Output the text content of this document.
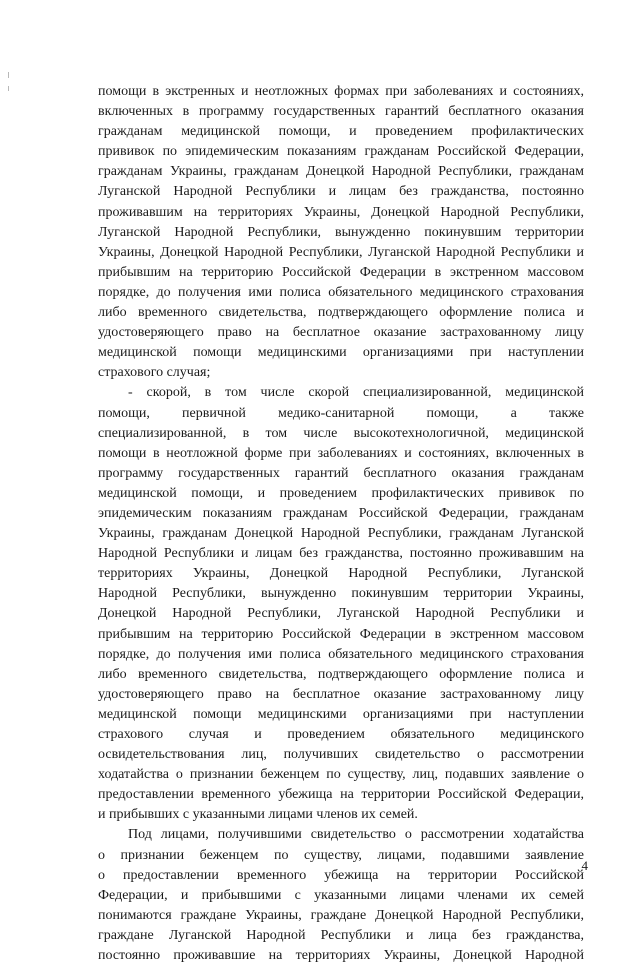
помощи в экстренных и неотложных формах при заболеваниях и состояниях,
включенных в программу государственных гарантий бесплатного оказания
гражданам медицинской помощи, и проведением профилактических
прививок по эпидемическим показаниям гражданам Российской Федерации,
гражданам Украины, гражданам Донецкой Народной Республики, гражданам
Луганской Народной Республики и лицам без гражданства, постоянно
проживавшим на территориях Украины, Донецкой Народной Республики,
Луганской Народной Республики, вынужденно покинувшим территории
Украины, Донецкой Народной Республики, Луганской Народной Республики и
прибывшим на территорию Российской Федерации в экстренном массовом
порядке, до получения ими полиса обязательного медицинского страхования
либо временного свидетельства, подтверждающего оформление полиса и
удостоверяющего право на бесплатное оказание застрахованному лицу
медицинской помощи медицинскими организациями при наступлении
страхового случая;
- скорой, в том числе скорой специализированной, медицинской
помощи, первичной медико-санитарной помощи, а также
специализированной, в том числе высокотехнологичной, медицинской
помощи в неотложной форме при заболеваниях и состояниях, включенных в
программу государственных гарантий бесплатного оказания гражданам
медицинской помощи, и проведением профилактических прививок по
эпидемическим показаниям гражданам Российской Федерации, гражданам
Украины, гражданам Донецкой Народной Республики, гражданам Луганской
Народной Республики и лицам без гражданства, постоянно проживавшим на
территориях Украины, Донецкой Народной Республики, Луганской
Народной Республики, вынужденно покинувшим территории Украины,
Донецкой Народной Республики, Луганской Народной Республики и
прибывшим на территорию Российской Федерации в экстренном массовом
порядке, до получения ими полиса обязательного медицинского страхования
либо временного свидетельства, подтверждающего оформление полиса и
удостоверяющего право на бесплатное оказание застрахованному лицу
медицинской помощи медицинскими организациями при наступлении
страхового случая и проведением обязательного медицинского
освидетельствования лиц, получивших свидетельство о рассмотрении
ходатайства о признании беженцем по существу, лиц, подавших заявление о
предоставлении временного убежища на территории Российской Федерации,
и прибывших с указанными лицами членов их семей.
Под лицами, получившими свидетельство о рассмотрении ходатайства
о признании беженцем по существу, лицами, подавшими заявление
о предоставлении временного убежища на территории Российской
Федерации, и прибывшими с указанными лицами членами их семей
понимаются граждане Украины, граждане Донецкой Народной Республики,
граждане Луганской Народной Республики и лица без гражданства,
постоянно проживавшие на территориях Украины, Донецкой Народной
4
